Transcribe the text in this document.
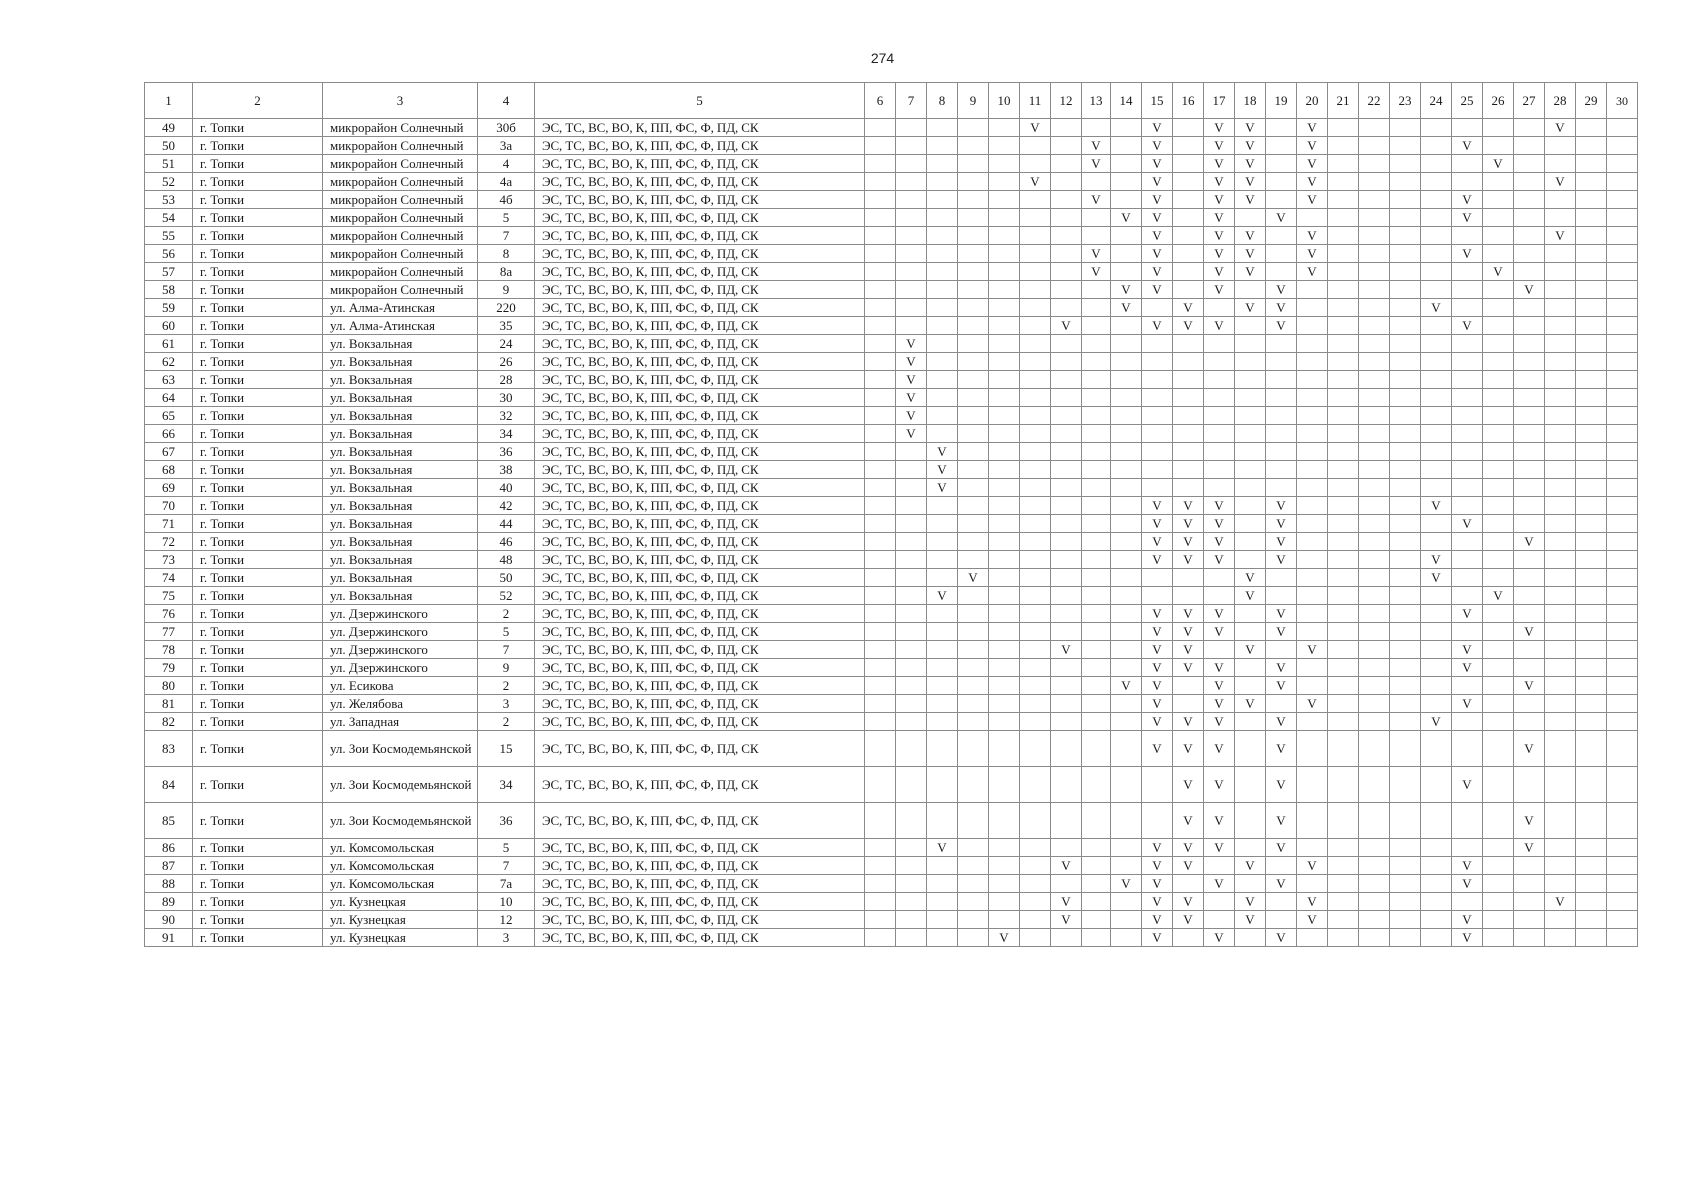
274
1	2	3	4	5	6	7	8	9	10	11	12	13	14	15	16	17	18	19	20	21	22	23	24	25	26	27	28	29	30
49	г. Топки	микрорайон Солнечный	30б	ЭС, ТС, ВС, ВО, К, ПП, ФС, Ф, ПД, СК						V				V		V	V		V								V		
50	г. Топки	микрорайон Солнечный	3а	ЭС, ТС, ВС, ВО, К, ПП, ФС, Ф, ПД, СК								V		V		V	V		V					V					
51	г. Топки	микрорайон Солнечный	4	ЭС, ТС, ВС, ВО, К, ПП, ФС, Ф, ПД, СК								V		V		V	V		V						V				
52	г. Топки	микрорайон Солнечный	4а	ЭС, ТС, ВС, ВО, К, ПП, ФС, Ф, ПД, СК						V				V		V	V		V								V		
53	г. Топки	микрорайон Солнечный	4б	ЭС, ТС, ВС, ВО, К, ПП, ФС, Ф, ПД, СК								V		V		V	V		V					V					
54	г. Топки	микрорайон Солнечный	5	ЭС, ТС, ВС, ВО, К, ПП, ФС, Ф, ПД, СК									V	V		V		V						V					
55	г. Топки	микрорайон Солнечный	7	ЭС, ТС, ВС, ВО, К, ПП, ФС, Ф, ПД, СК										V		V	V		V								V		
56	г. Топки	микрорайон Солнечный	8	ЭС, ТС, ВС, ВО, К, ПП, ФС, Ф, ПД, СК								V		V		V	V		V					V					
57	г. Топки	микрорайон Солнечный	8а	ЭС, ТС, ВС, ВО, К, ПП, ФС, Ф, ПД, СК								V		V		V	V		V						V				
58	г. Топки	микрорайон Солнечный	9	ЭС, ТС, ВС, ВО, К, ПП, ФС, Ф, ПД, СК									V	V		V		V								V			
59	г. Топки	ул. Алма-Атинская	220	ЭС, ТС, ВС, ВО, К, ПП, ФС, Ф, ПД, СК									V		V		V	V					V						
60	г. Топки	ул. Алма-Атинская	35	ЭС, ТС, ВС, ВО, К, ПП, ФС, Ф, ПД, СК							V			V	V	V		V						V					
61	г. Топки	ул. Вокзальная	24	ЭС, ТС, ВС, ВО, К, ПП, ФС, Ф, ПД, СК		V																							
62	г. Топки	ул. Вокзальная	26	ЭС, ТС, ВС, ВО, К, ПП, ФС, Ф, ПД, СК		V																							
63	г. Топки	ул. Вокзальная	28	ЭС, ТС, ВС, ВО, К, ПП, ФС, Ф, ПД, СК		V																							
64	г. Топки	ул. Вокзальная	30	ЭС, ТС, ВС, ВО, К, ПП, ФС, Ф, ПД, СК		V																							
65	г. Топки	ул. Вокзальная	32	ЭС, ТС, ВС, ВО, К, ПП, ФС, Ф, ПД, СК		V																							
66	г. Топки	ул. Вокзальная	34	ЭС, ТС, ВС, ВО, К, ПП, ФС, Ф, ПД, СК		V																							
67	г. Топки	ул. Вокзальная	36	ЭС, ТС, ВС, ВО, К, ПП, ФС, Ф, ПД, СК			V																						
68	г. Топки	ул. Вокзальная	38	ЭС, ТС, ВС, ВО, К, ПП, ФС, Ф, ПД, СК			V																						
69	г. Топки	ул. Вокзальная	40	ЭС, ТС, ВС, ВО, К, ПП, ФС, Ф, ПД, СК			V																						
70	г. Топки	ул. Вокзальная	42	ЭС, ТС, ВС, ВО, К, ПП, ФС, Ф, ПД, СК										V	V	V		V					V						
71	г. Топки	ул. Вокзальная	44	ЭС, ТС, ВС, ВО, К, ПП, ФС, Ф, ПД, СК										V	V	V		V						V					
72	г. Топки	ул. Вокзальная	46	ЭС, ТС, ВС, ВО, К, ПП, ФС, Ф, ПД, СК										V	V	V		V								V			
73	г. Топки	ул. Вокзальная	48	ЭС, ТС, ВС, ВО, К, ПП, ФС, Ф, ПД, СК										V	V	V		V					V						
74	г. Топки	ул. Вокзальная	50	ЭС, ТС, ВС, ВО, К, ПП, ФС, Ф, ПД, СК				V									V						V						
75	г. Топки	ул. Вокзальная	52	ЭС, ТС, ВС, ВО, К, ПП, ФС, Ф, ПД, СК			V										V								V				
76	г. Топки	ул. Дзержинского	2	ЭС, ТС, ВС, ВО, К, ПП, ФС, Ф, ПД, СК										V	V	V		V						V					
77	г. Топки	ул. Дзержинского	5	ЭС, ТС, ВС, ВО, К, ПП, ФС, Ф, ПД, СК										V	V	V		V								V			
78	г. Топки	ул. Дзержинского	7	ЭС, ТС, ВС, ВО, К, ПП, ФС, Ф, ПД, СК							V			V	V		V		V					V					
79	г. Топки	ул. Дзержинского	9	ЭС, ТС, ВС, ВО, К, ПП, ФС, Ф, ПД, СК										V	V	V		V						V					
80	г. Топки	ул. Есикова	2	ЭС, ТС, ВС, ВО, К, ПП, ФС, Ф, ПД, СК									V	V		V		V								V			
81	г. Топки	ул. Желябова	3	ЭС, ТС, ВС, ВО, К, ПП, ФС, Ф, ПД, СК										V		V	V		V					V					
82	г. Топки	ул. Западная	2	ЭС, ТС, ВС, ВО, К, ПП, ФС, Ф, ПД, СК										V	V	V		V					V						
83	г. Топки	ул. Зои Космодемьянской	15	ЭС, ТС, ВС, ВО, К, ПП, ФС, Ф, ПД, СК										V	V	V		V								V			
84	г. Топки	ул. Зои Космодемьянской	34	ЭС, ТС, ВС, ВО, К, ПП, ФС, Ф, ПД, СК											V	V		V						V					
85	г. Топки	ул. Зои Космодемьянской	36	ЭС, ТС, ВС, ВО, К, ПП, ФС, Ф, ПД, СК											V	V		V								V			
86	г. Топки	ул. Комсомольская	5	ЭС, ТС, ВС, ВО, К, ПП, ФС, Ф, ПД, СК			V							V	V	V		V								V			
87	г. Топки	ул. Комсомольская	7	ЭС, ТС, ВС, ВО, К, ПП, ФС, Ф, ПД, СК							V			V	V		V		V					V					
88	г. Топки	ул. Комсомольская	7а	ЭС, ТС, ВС, ВО, К, ПП, ФС, Ф, ПД, СК									V	V		V		V						V					
89	г. Топки	ул. Кузнецкая	10	ЭС, ТС, ВС, ВО, К, ПП, ФС, Ф, ПД, СК							V			V	V		V		V								V		
90	г. Топки	ул. Кузнецкая	12	ЭС, ТС, ВС, ВО, К, ПП, ФС, Ф, ПД, СК							V			V	V		V		V					V					
91	г. Топки	ул. Кузнецкая	3	ЭС, ТС, ВС, ВО, К, ПП, ФС, Ф, ПД, СК					V					V		V		V						V					
